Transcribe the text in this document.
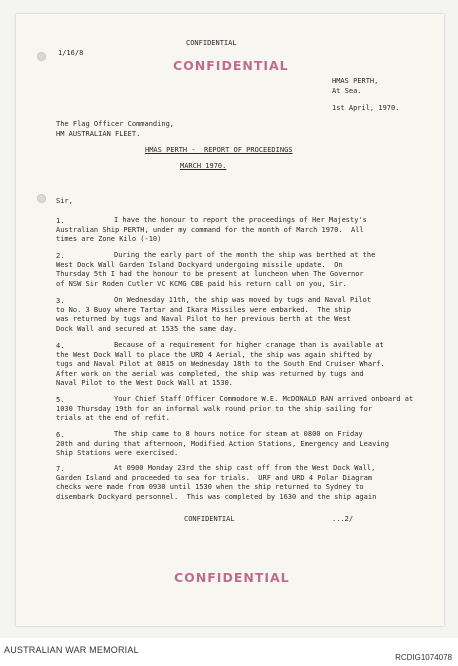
1/16/8
CONFIDENTIAL
CONFIDENTIAL
HMAS PERTH,
At Sea.
1st April, 1970.
The Flag Officer Commanding,
HM AUSTRALIAN FLEET.
HMAS PERTH -  REPORT OF PROCEEDINGS
MARCH 1970.
Sir,
1.	I have the honour to report the proceedings of Her Majesty's
Australian Ship PERTH, under my command for the month of March 1970.  All
times are Zone Kilo (-10)
2.	During the early part of the month the ship was berthed at the
West Dock Wall Garden Island Dockyard undergoing missile update.  On
Thursday 5th I had the honour to be present at luncheon when The Governor
of NSW Sir Roden Cutler VC KCMG CBE paid his return call on you, Sir.
3.	On Wednesday 11th, the ship was moved by tugs and Naval Pilot
to No. 3 Buoy where Tartar and Ikara Missiles were embarked.  The ship
was returned by tugs and Naval Pilot to her previous berth at the West
Dock Wall and secured at 1535 the same day.
4.	Because of a requirement for higher cranage than is available at
the West Dock Wall to place the URD 4 Aerial, the ship was again shifted by
tugs and Naval Pilot at 0815 on Wednesday 18th to the South End Cruiser Wharf.
After work on the aerial was completed, the ship was returned by tugs and
Naval Pilot to the West Dock Wall at 1530.
5.	Your Chief Staff Officer Commodore W.E. McDONALD RAN arrived onboard at
1030 Thursday 19th for an informal walk round prior to the ship sailing for
trials at the end of refit.
6.	The ship came to 8 hours notice for steam at 0800 on Friday
20th and during that afternoon, Modified Action Stations, Emergency and Leaving
Ship Stations were exercised.
7.	At 0900 Monday 23rd the ship cast off from the West Dock Wall,
Garden Island and proceeded to sea for trials.  URF and URD 4 Polar Diagram
checks were made from 0930 until 1530 when the ship returned to Sydney to
disembark Dockyard personnel.  This was completed by 1630 and the ship again
CONFIDENTIAL	...2/
CONFIDENTIAL
AUSTRALIAN WAR MEMORIAL
RCDIG1074078
